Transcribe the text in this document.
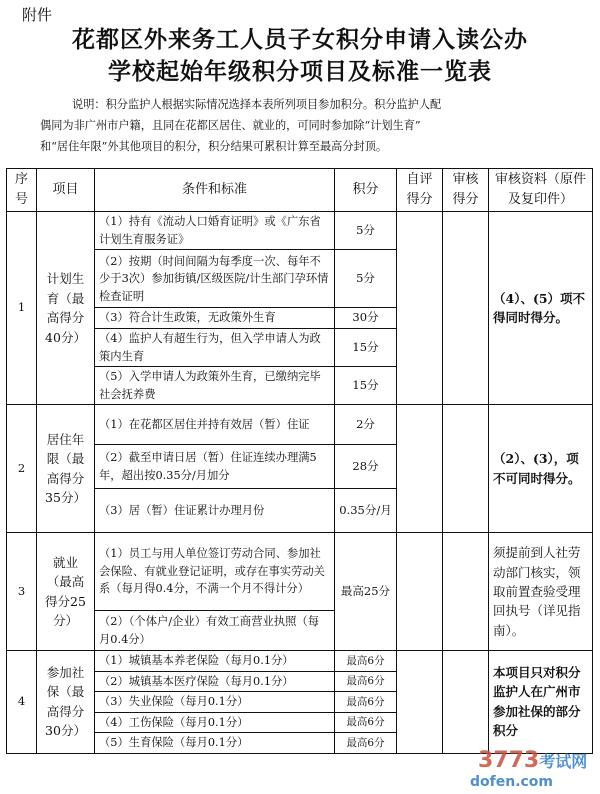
附件
花都区外来务工人员子女积分申请入读公办
学校起始年级积分项目及标准一览表

说明：积分监护人根据实际情况选择本表所列项目参加积分。积分监护人配

偶同为非广州市户籍，且同在花都区居住、就业的，可同时参加除“计划生育”
和“居住年限”外其他项目的积分，积分结果可累积计算至最高分封顶。
序号	项目	条件和标准	积分	自评得分	审核得分	审核资料（原件及复印件）
1	计划生育（最高得分40分）	（1）持有《流动人口婚育证明》或《广东省计划生育服务证》	5分			（4）、(5）项不得同时得分。
		（2）按期（时间间隔为每季度一次、每年不少于3次）参加街镇/区级医院/计生部门孕环情检查证明	5分			
		（3）符合计生政策，无政策外生育	30分			
		（4）监护人有超生行为，但入学申请人为政策内生育	15分			
		（5）入学申请人为政策外生育，已缴纳完毕社会抚养费	15分			
2	居住年限（最高得分35分）	（1）在花都区居住并持有效居（暂）住证	2分			（2）、(3），项不可同时得分。
		（2）截至申请日居（暂）住证连续办理满5年，超出按0.35分/月加分	28分			
		（3）居（暂）住证累计办理月份	0.35分/月			
3	就业（最高得分25分）	（1）员工与用人单位签订劳动合同、参加社会保险、有就业登记证明，或存在事实劳动关系（每月得0.4分，不满一个月不得计分）	最高25分			须提前到人社劳动部门核实，领取前置查验受理回执号（详见指南）。
		（2）（个体户/企业）有效工商营业执照（每月0.4分）				
4	参加社保（最高得分30分）	（1）城镇基本养老保险（每月0.1分）	最高6分			本项目只对积分监护人在广州市参加社保的部分积分
		（2）城镇基本医疗保险（每月0.1分）	最高6分			
		（3）失业保险（每月0.1分）	最高6分			
		（4）工伤保险（每月0.1分）	最高6分			
		（5）生育保险（每月0.1分）	最高6分			
3773考试网
dofen.com
